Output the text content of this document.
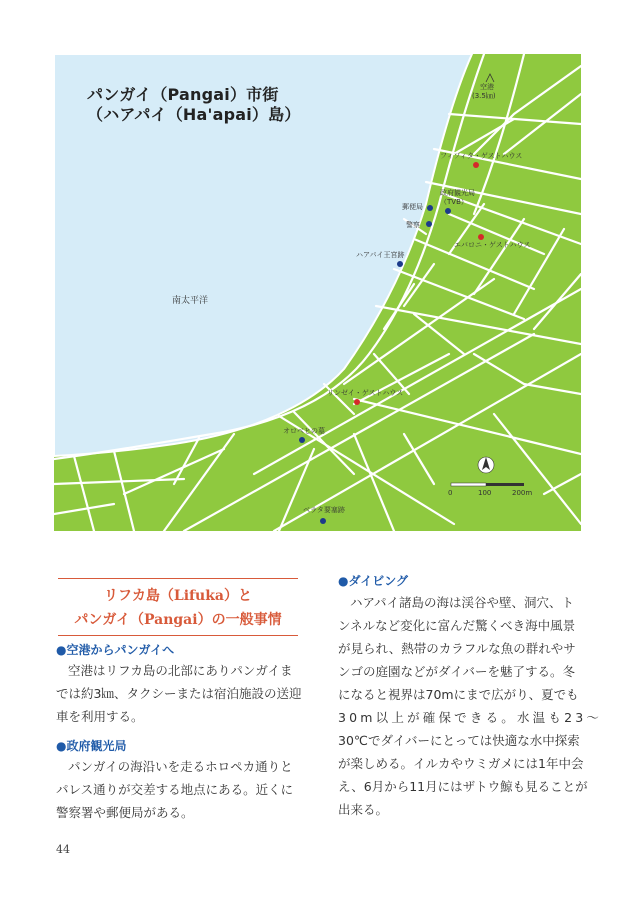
パンガイ（Pangai）市街
（ハアパイ（Ha'apai）島）
南太平洋
空港
(3.5㎞)
フィフィタ・ゲストハウス
政府観光局
（TVB）
郵便局
警察
エバロニ・ゲストハウス
ハアパイ王宮跡
リンゼイ・ゲストハウス
オロベヒの墓
ベラタ要塞跡
0	100	200m
リフカ島（Lifuka）と
パンガイ（Pangai）の一般事情
●空港からパンガイへ
空港はリフカ島の北部にありパンガイま
では約3㎞、タクシーまたは宿泊施設の送迎
車を利用する。
●政府観光局
パンガイの海沿いを走るホロペカ通りと
パレス通りが交差する地点にある。近くに
警察署や郵便局がある。
●ダイビング
ハアパイ諸島の海は渓谷や壁、洞穴、ト
ンネルなど変化に富んだ驚くべき海中風景
が見られ、熱帯のカラフルな魚の群れやサ
ンゴの庭園などがダイバーを魅了する。冬
になると視界は70mにまで広がり、夏でも
30m以上が確保できる。水温も23～
30℃でダイバーにとっては快適な水中探索
が楽しめる。イルカやウミガメには1年中会
え、6月から11月にはザトウ鯨も見ることが
出来る。
44
